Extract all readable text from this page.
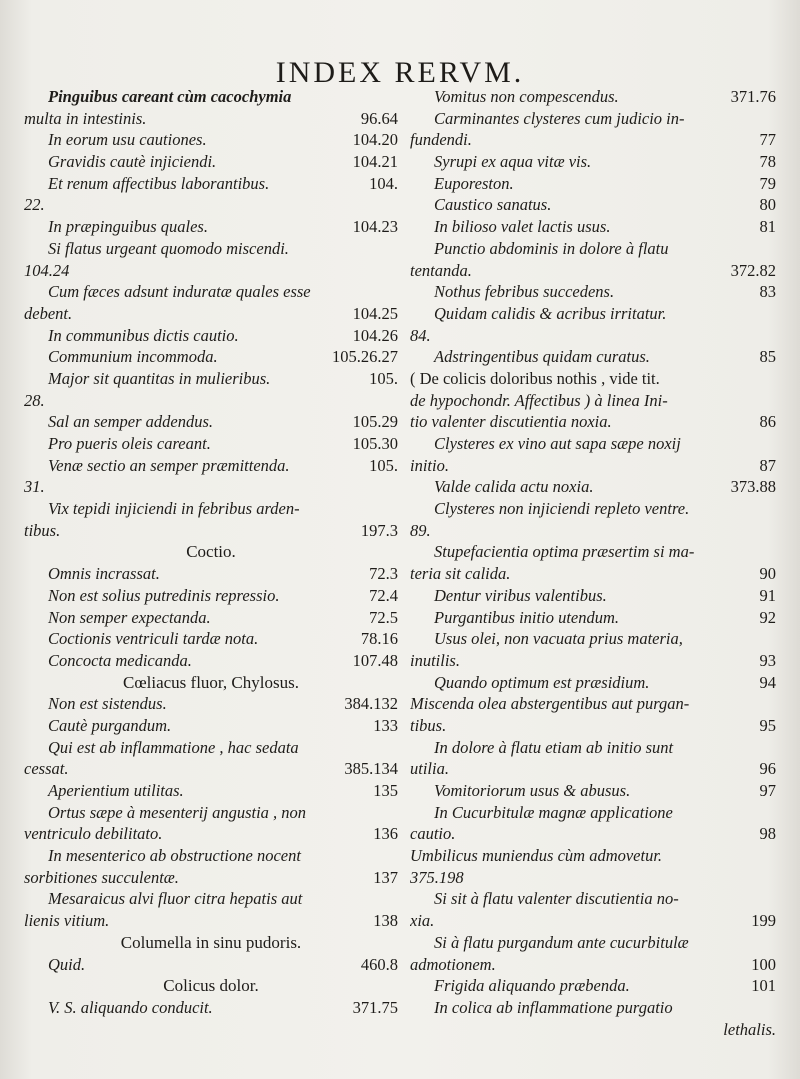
INDEX RERVM.
Pinguibus careant cùm cacochymia
multa in intestinis.	96.64
In eorum usu cautiones.	104.20
Gravidis cautè injiciendi.	104.21
Et renum affectibus laborantibus.	104.
22.
In præpinguibus quales.	104.23
Si flatus urgeant quomodo miscendi.
104.24
Cum fæces adsunt induratæ quales esse
debent.	104.25
In communibus dictis cautio.	104.26
Communium incommoda.	105.26.27
Major sit quantitas in mulieribus.	105.
28.
Sal an semper addendus.	105.29
Pro pueris oleis careant.	105.30
Venæ sectio an semper præmittenda.	105.
31.
Vix tepidi injiciendi in febribus arden-
tibus.	197.3
Coctio.
Omnis incrassat.	72.3
Non est solius putredinis repressio.	72.4
Non semper expectanda.	72.5
Coctionis ventriculi tardæ nota.	78.16
Concocta medicanda.	107.48
Cœliacus fluor, Chylosus.
Non est sistendus.	384.132
Cautè purgandum.	133
Qui est ab inflammatione , hac sedata
cessat.	385.134
Aperientium utilitas.	135
Ortus sæpe à mesenterij angustia , non
ventriculo debilitato.	136
In mesenterico ab obstructione nocent
sorbitiones succulentæ.	137
Mesaraicus alvi fluor citra hepatis aut
lienis vitium.	138
Columella in sinu pudoris.
Quid.	460.8
Colicus dolor.
V. S. aliquando conducit.	371.75
Vomitus non compescendus.	371.76
Carminantes clysteres cum judicio in-
fundendi.	77
Syrupi ex aqua vitæ vis.	78
Euporeston.	79
Caustico sanatus.	80
In bilioso valet lactis usus.	81
Punctio abdominis in dolore à flatu
tentanda.	372.82
Nothus febribus succedens.	83
Quidam calidis & acribus irritatur.
84.
Adstringentibus quidam curatus.	85
( De colicis doloribus nothis , vide tit.
de hypochondr. Affectibus ) à linea Ini-
tio valenter discutientia noxia.	86
Clysteres ex vino aut sapa sæpe noxij
initio.	87
Valde calida actu noxia.	373.88
Clysteres non injiciendi repleto ventre.
89.
Stupefacientia optima præsertim si ma-
teria sit calida.	90
Dentur viribus valentibus.	91
Purgantibus initio utendum.	92
Usus olei, non vacuata prius materia,
inutilis.	93
Quando optimum est præsidium.	94
Miscenda olea abstergentibus aut purgan-
tibus.	95
In dolore à flatu etiam ab initio sunt
utilia.	96
Vomitoriorum usus & abusus.	97
In Cucurbitulæ magnæ applicatione
cautio.	98
Umbilicus muniendus cùm admovetur.
375.198
Si sit à flatu valenter discutientia no-
xia.	199
Si à flatu purgandum ante cucurbitulæ
admotionem.	100
Frigida aliquando præbenda.	101
In colica ab inflammatione purgatio
lethalis.
